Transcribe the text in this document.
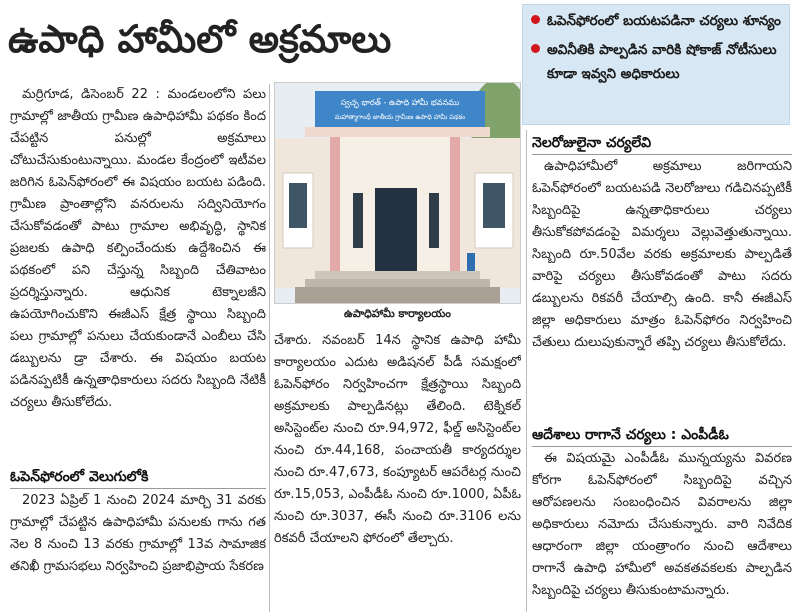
ఉపాధి హామీలో అక్రమాలు	ఓపెన్‌ఫోరంలో బయటపడినా చర్యలు శూన్యం
అవినీతికి పాల్పడిన వారికి షోకాజ్ నోటీసులు కూడా ఇవ్వని అధికారులు

మర్రిగూడ, డిసెంబర్ 22 : మండలంలోని పలు గ్రామాల్లో జాతీయ గ్రామీణ ఉపాధిహామీ పథకం కింద చేపట్టిన పనుల్లో అక్రమాలు చోటుచేసుకుంటున్నాయి. మండల కేంద్రంలో ఇటీవల జరిగిన ఓపెన్‌ఫోరంలో ఈ విషయం బయట పడింది. గ్రామీణ ప్రాంతాల్లోని వనరులను సద్వినియోగం చేసుకోవడంతో పాటు గ్రామాల అభివృద్ధి, స్థానిక ప్రజలకు ఉపాధి కల్పించేందుకు ఉద్దేశించిన ఈ పథకంలో పని చేస్తున్న సిబ్బంది చేతివాటం ప్రదర్శిస్తున్నారు. ఆధునిక టెక్నాలజీని ఉపయోగించుకొని ఈజీఎస్ క్షేత్ర స్థాయి సిబ్బంది పలు గ్రామాల్లో పనులు చేయకుండానే ఎంబీలు చేసి డబ్బులను డ్రా చేశారు. ఈ విషయం బయట పడినప్పటికీ ఉన్నతాధికారులు సదరు సిబ్బంది నేటికీ చర్యలు తీసుకోలేదు.

ఓపెన్‌ఫోరంలో వెలుగులోకి

2023 ఏప్రిల్ 1 నుంచి 2024 మార్చి 31 వరకు గ్రామాల్లో చేపట్టిన ఉపాధిహామీ పనులకు గాను గత నెల 8 నుంచి 13 వరకు గ్రామాల్లో 13వ సామాజిక తనిఖీ గ్రామసభలు నిర్వహించి ప్రజాభిప్రాయ సేకరణ

స్వచ్ఛ భారత్ - ఉపాధి హామీ భవనము
మహాత్మాగాంధీ జాతీయ గ్రామీణ ఉపాధి హామీ పథకం
ఉపాధిహామీ కార్యాలయం

చేశారు. నవంబర్ 14న స్థానిక ఉపాధి హామీ కార్యాలయం ఎదుట అడిషనల్ పీడీ సమక్షంలో ఓపెన్‌ఫోరం నిర్వహించగా క్షేత్రస్థాయి సిబ్బంది అక్రమాలకు పాల్పడినట్లు తేలింది. టెక్నికల్ అసిస్టెంట్‌ల నుంచి రూ.94,972, ఫీల్డ్ అసిస్టెంట్‌ల నుంచి రూ.44,168, పంచాయతీ కార్యదర్శుల నుంచి రూ.47,673, కంప్యూటర్ ఆపరేటర్ల నుంచి రూ.15,053, ఎంపీడీఓ నుంచి రూ.1000, ఏపీఓ నుంచి రూ.3037, ఈసీ నుంచి రూ.3106 లను రికవరీ చేయాలని ఫోరంలో తేల్చారు.

నెలరోజులైనా చర్యలేవి

ఉపాధిహామీలో అక్రమాలు జరిగాయని ఓపెన్‌ఫోరంలో బయటపడి నెలరోజులు గడిచినప్పటికీ సిబ్బందిపై ఉన్నతాధికారులు చర్యలు తీసుకోకపోవడంపై విమర్శలు వెల్లువెత్తుతున్నాయి. సిబ్బంది రూ.50వేల వరకు అక్రమాలకు పాల్పడితే వారిపై చర్యలు తీసుకోవడంతో పాటు సదరు డబ్బులను రికవరీ చేయాల్సి ఉంది. కానీ ఈజీఎస్ జిల్లా అధికారులు మాత్రం ఓపెన్‌ఫోరం నిర్వహించి చేతులు దులుపుకున్నారే తప్పి చర్యలు తీసుకోలేదు.

ఆదేశాలు రాగానే చర్యలు : ఎంపీడీఓ

ఈ విషయమై ఎంపీడీఓ మున్నయ్యను వివరణ కోరగా ఓపెన్‌ఫోరంలో సిబ్బందిపై వచ్చిన ఆరోపణలను సంబంధించిన వివరాలను జిల్లా అధికారులు నమోదు చేసుకున్నారు. వారి నివేదిక ఆధారంగా జిల్లా యంత్రాంగం నుంచి ఆదేశాలు రాగానే ఉపాధి హామీలో అవకతవకలకు పాల్పడిన సిబ్బందిపై చర్యలు తీసుకుంటామన్నారు.
